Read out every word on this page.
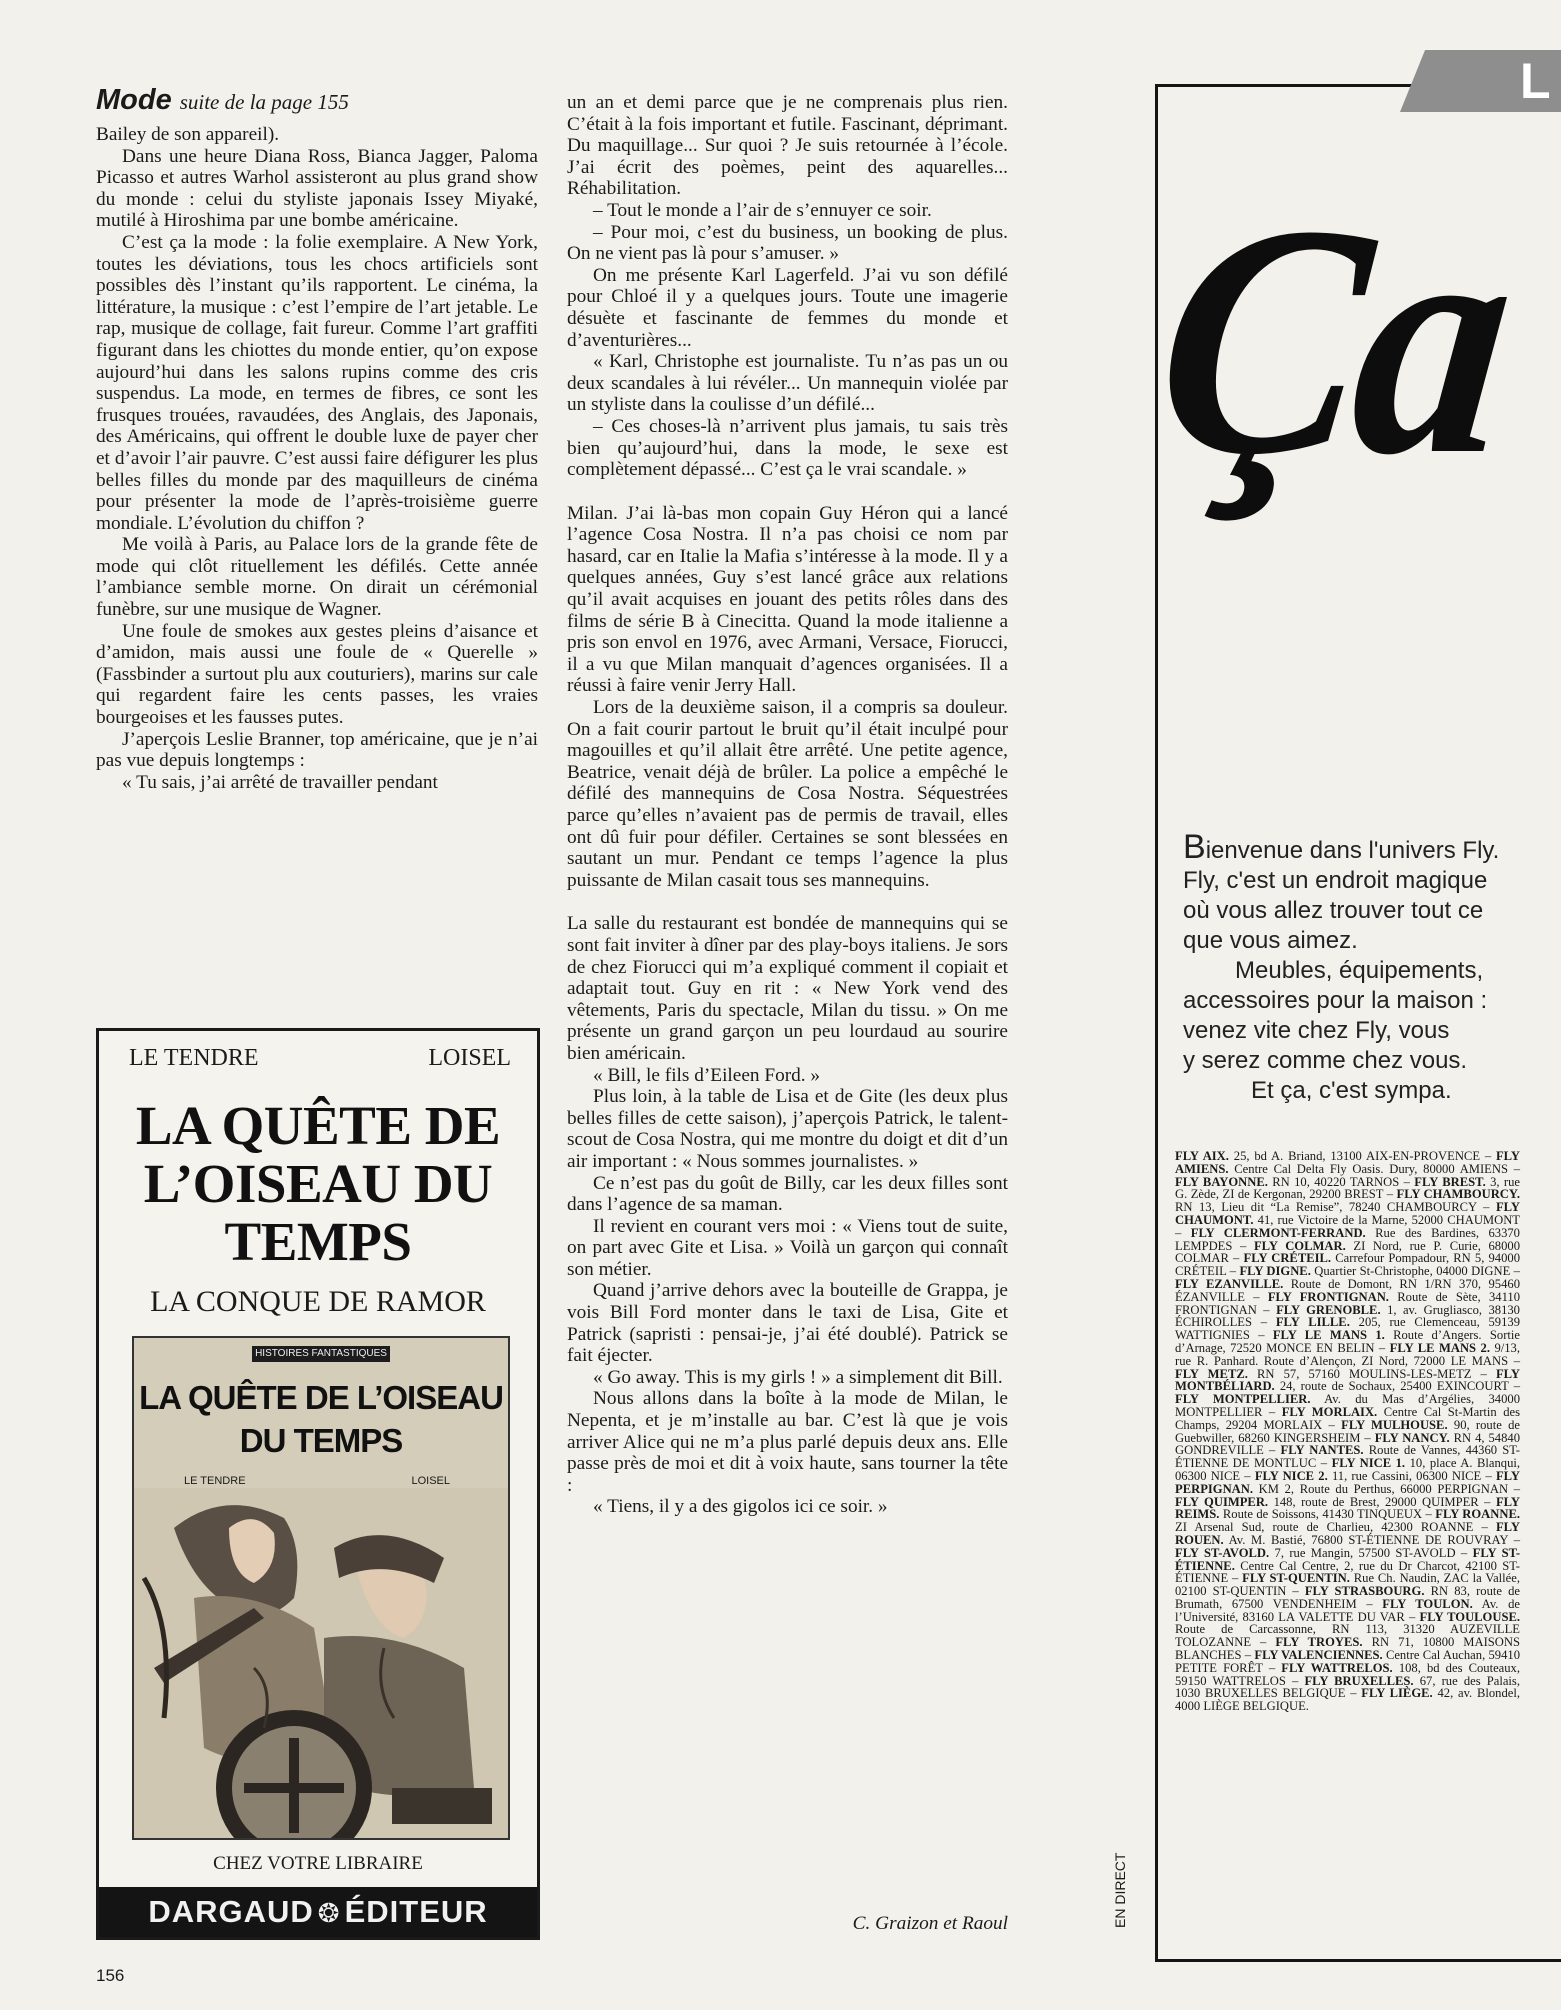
Mode suite de la page 155

Bailey de son appareil).

Dans une heure Diana Ross, Bianca Jagger, Paloma Picasso et autres Warhol assisteront au plus grand show du monde : celui du styliste japonais Issey Miyaké, mutilé à Hiroshima par une bombe américaine.

C’est ça la mode : la folie exemplaire. A New York, toutes les déviations, tous les chocs artificiels sont possibles dès l’instant qu’ils rapportent. Le cinéma, la littérature, la musique : c’est l’empire de l’art jetable. Le rap, musique de collage, fait fureur. Comme l’art graffiti figurant dans les chiottes du monde entier, qu’on expose aujourd’hui dans les salons rupins comme des cris suspendus. La mode, en termes de fibres, ce sont les frusques trouées, ravaudées, des Anglais, des Japonais, des Américains, qui offrent le double luxe de payer cher et d’avoir l’air pauvre. C’est aussi faire défigurer les plus belles filles du monde par des maquilleurs de cinéma pour présenter la mode de l’après-troisième guerre mondiale. L’évolution du chiffon ?

Me voilà à Paris, au Palace lors de la grande fête de mode qui clôt rituellement les défilés. Cette année l’ambiance semble morne. On dirait un cérémonial funèbre, sur une musique de Wagner.

Une foule de smokes aux gestes pleins d’aisance et d’amidon, mais aussi une foule de « Querelle » (Fassbinder a surtout plu aux couturiers), marins sur cale qui regardent faire les cents passes, les vraies bourgeoises et les fausses putes.

J’aperçois Leslie Branner, top américaine, que je n’ai pas vue depuis longtemps :

« Tu sais, j’ai arrêté de travailler pendant

un an et demi parce que je ne comprenais plus rien. C’était à la fois important et futile. Fascinant, déprimant. Du maquillage... Sur quoi ? Je suis retournée à l’école. J’ai écrit des poèmes, peint des aquarelles... Réhabilitation.

– Tout le monde a l’air de s’ennuyer ce soir.

– Pour moi, c’est du business, un booking de plus. On ne vient pas là pour s’amuser. »

On me présente Karl Lagerfeld. J’ai vu son défilé pour Chloé il y a quelques jours. Toute une imagerie désuète et fascinante de femmes du monde et d’aventurières...

« Karl, Christophe est journaliste. Tu n’as pas un ou deux scandales à lui révéler... Un mannequin violée par un styliste dans la coulisse d’un défilé...

– Ces choses-là n’arrivent plus jamais, tu sais très bien qu’aujourd’hui, dans la mode, le sexe est complètement dépassé... C’est ça le vrai scandale. »

Milan. J’ai là-bas mon copain Guy Héron qui a lancé l’agence Cosa Nostra. Il n’a pas choisi ce nom par hasard, car en Italie la Mafia s’intéresse à la mode. Il y a quelques années, Guy s’est lancé grâce aux relations qu’il avait acquises en jouant des petits rôles dans des films de série B à Cinecitta. Quand la mode italienne a pris son envol en 1976, avec Armani, Versace, Fiorucci, il a vu que Milan manquait d’agences organisées. Il a réussi à faire venir Jerry Hall.

Lors de la deuxième saison, il a compris sa douleur. On a fait courir partout le bruit qu’il était inculpé pour magouilles et qu’il allait être arrêté. Une petite agence, Beatrice, venait déjà de brûler. La police a empêché le défilé des mannequins de Cosa Nostra. Séquestrées parce qu’elles n’avaient pas de permis de travail, elles ont dû fuir pour défiler. Certaines se sont blessées en sautant un mur. Pendant ce temps l’agence la plus puissante de Milan casait tous ses mannequins.

La salle du restaurant est bondée de mannequins qui se sont fait inviter à dîner par des play-boys italiens. Je sors de chez Fiorucci qui m’a expliqué comment il copiait et adaptait tout. Guy en rit : « New York vend des vêtements, Paris du spectacle, Milan du tissu. » On me présente un grand garçon un peu lourdaud au sourire bien américain.

« Bill, le fils d’Eileen Ford. »

Plus loin, à la table de Lisa et de Gite (les deux plus belles filles de cette saison), j’aperçois Patrick, le talent-scout de Cosa Nostra, qui me montre du doigt et dit d’un air important : « Nous sommes journalistes. »

Ce n’est pas du goût de Billy, car les deux filles sont dans l’agence de sa maman.

Il revient en courant vers moi : « Viens tout de suite, on part avec Gite et Lisa. » Voilà un garçon qui connaît son métier.

Quand j’arrive dehors avec la bouteille de Grappa, je vois Bill Ford monter dans le taxi de Lisa, Gite et Patrick (sapristi : pensai-je, j’ai été doublé). Patrick se fait éjecter.

« Go away. This is my girls ! » a simplement dit Bill.

Nous allons dans la boîte à la mode de Milan, le Nepenta, et je m’installe au bar. C’est là que je vois arriver Alice qui ne m’a plus parlé depuis deux ans. Elle passe près de moi et dit à voix haute, sans tourner la tête :

« Tiens, il y a des gigolos ici ce soir. »

C. Graizon et Raoul
156
LE TENDRE	LOISEL
LA QUÊTE DE L’OISEAU DU TEMPS
LA CONQUE DE RAMOR
HISTOIRES FANTASTIQUES
LA QUÊTE DE L’OISEAU DU TEMPS
LE TENDRE	LOISEL
CHEZ VOTRE LIBRAIRE
DARGAUD ❂ ÉDITEUR
L
Ça
Bienvenue dans l'univers Fly.
Fly, c'est un endroit magique
où vous allez trouver tout ce
que vous aimez.
Meubles, équipements,
accessoires pour la maison :
venez vite chez Fly, vous
y serez comme chez vous.
Et ça, c'est sympa.
FLY AIX. 25, bd A. Briand, 13100 AIX-EN-PROVENCE – FLY AMIENS. Centre Cal Delta Fly Oasis. Dury, 80000 AMIENS – FLY BAYONNE. RN 10, 40220 TARNOS – FLY BREST. 3, rue G. Zède, ZI de Kergonan, 29200 BREST – FLY CHAMBOURCY. RN 13, Lieu dit “La Remise”, 78240 CHAMBOURCY – FLY CHAUMONT. 41, rue Victoire de la Marne, 52000 CHAUMONT – FLY CLERMONT-FERRAND. Rue des Bardines, 63370 LEMPDES – FLY COLMAR. ZI Nord, rue P. Curie, 68000 COLMAR – FLY CRÉTEIL. Carrefour Pompadour, RN 5, 94000 CRÉTEIL – FLY DIGNE. Quartier St-Christophe, 04000 DIGNE – FLY EZANVILLE. Route de Domont, RN 1/RN 370, 95460 ÉZANVILLE – FLY FRONTIGNAN. Route de Sète, 34110 FRONTIGNAN – FLY GRENOBLE. 1, av. Grugliasco, 38130 ÉCHIROLLES – FLY LILLE. 205, rue Clemenceau, 59139 WATTIGNIES – FLY LE MANS 1. Route d’Angers. Sortie d’Arnage, 72520 MONCE EN BELIN – FLY LE MANS 2. 9/13, rue R. Panhard. Route d’Alençon, ZI Nord, 72000 LE MANS – FLY METZ. RN 57, 57160 MOULINS-LES-METZ – FLY MONTBÉLIARD. 24, route de Sochaux, 25400 EXINCOURT – FLY MONTPELLIER. Av. du Mas d’Argélies, 34000 MONTPELLIER – FLY MORLAIX. Centre Cal St-Martin des Champs, 29204 MORLAIX – FLY MULHOUSE. 90, route de Guebwiller, 68260 KINGERSHEIM – FLY NANCY. RN 4, 54840 GONDREVILLE – FLY NANTES. Route de Vannes, 44360 ST-ÉTIENNE DE MONTLUC – FLY NICE 1. 10, place A. Blanqui, 06300 NICE – FLY NICE 2. 11, rue Cassini, 06300 NICE – FLY PERPIGNAN. KM 2, Route du Perthus, 66000 PERPIGNAN – FLY QUIMPER. 148, route de Brest, 29000 QUIMPER – FLY REIMS. Route de Soissons, 41430 TINQUEUX – FLY ROANNE. ZI Arsenal Sud, route de Charlieu, 42300 ROANNE – FLY ROUEN. Av. M. Bastié, 76800 ST-ÉTIENNE DE ROUVRAY – FLY ST-AVOLD. 7, rue Mangin, 57500 ST-AVOLD – FLY ST-ÉTIENNE. Centre Cal Centre, 2, rue du Dr Charcot, 42100 ST-ÉTIENNE – FLY ST-QUENTIN. Rue Ch. Naudin, ZAC la Vallée, 02100 ST-QUENTIN – FLY STRASBOURG. RN 83, route de Brumath, 67500 VENDENHEIM – FLY TOULON. Av. de l’Université, 83160 LA VALETTE DU VAR – FLY TOULOUSE. Route de Carcassonne, RN 113, 31320 AUZEVILLE TOLOZANNE – FLY TROYES. RN 71, 10800 MAISONS BLANCHES – FLY VALENCIENNES. Centre Cal Auchan, 59410 PETITE FORÊT – FLY WATTRELOS. 108, bd des Couteaux, 59150 WATTRELOS – FLY BRUXELLES. 67, rue des Palais, 1030 BRUXELLES BELGIQUE – FLY LIÈGE. 42, av. Blondel, 4000 LIÈGE BELGIQUE.
EN DIRECT
